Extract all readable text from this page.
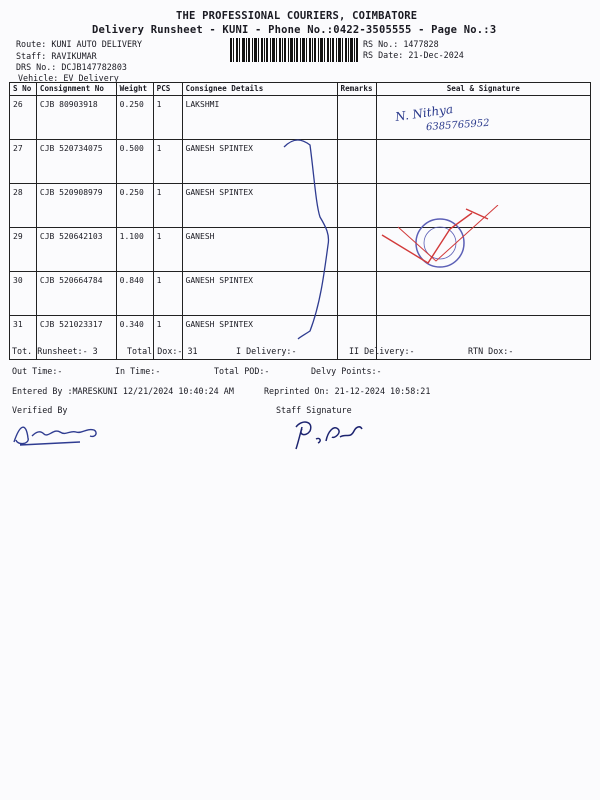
THE PROFESSIONAL COURIERS, COIMBATORE
Delivery Runsheet - KUNI - Phone No.:0422-3505555 - Page No.:3
Route: KUNI AUTO DELIVERY
Staff: RAVIKUMAR
DRS No.: DCJB147782803
Vehicle: EV Delivery
RS No.: 1477828
RS Date: 21-Dec-2024
S No	Consignment No	Weight	PCS	Consignee Details	Remarks	Seal & Signature
26	CJB 80903918	0.250	1	LAKSHMI		
27	CJB 520734075	0.500	1	GANESH SPINTEX		
28	CJB 520908979	0.250	1	GANESH SPINTEX		
29	CJB 520642103	1.100	1	GANESH		
30	CJB 520664784	0.840	1	GANESH SPINTEX		
31	CJB 521023317	0.340	1	GANESH SPINTEX		
Tot. Runsheet:- 3	Total Dox:- 31	I Delivery:-	II Delivery:-	RTN Dox:-
Out Time:-	In Time:-	Total POD:-	Delvy Points:-
Entered By :MARESKUNI 12/21/2024 10:40:24 AM	Reprinted On: 21-12-2024 10:58:21
Verified By	Staff Signature
N. Nithya
6385765952
